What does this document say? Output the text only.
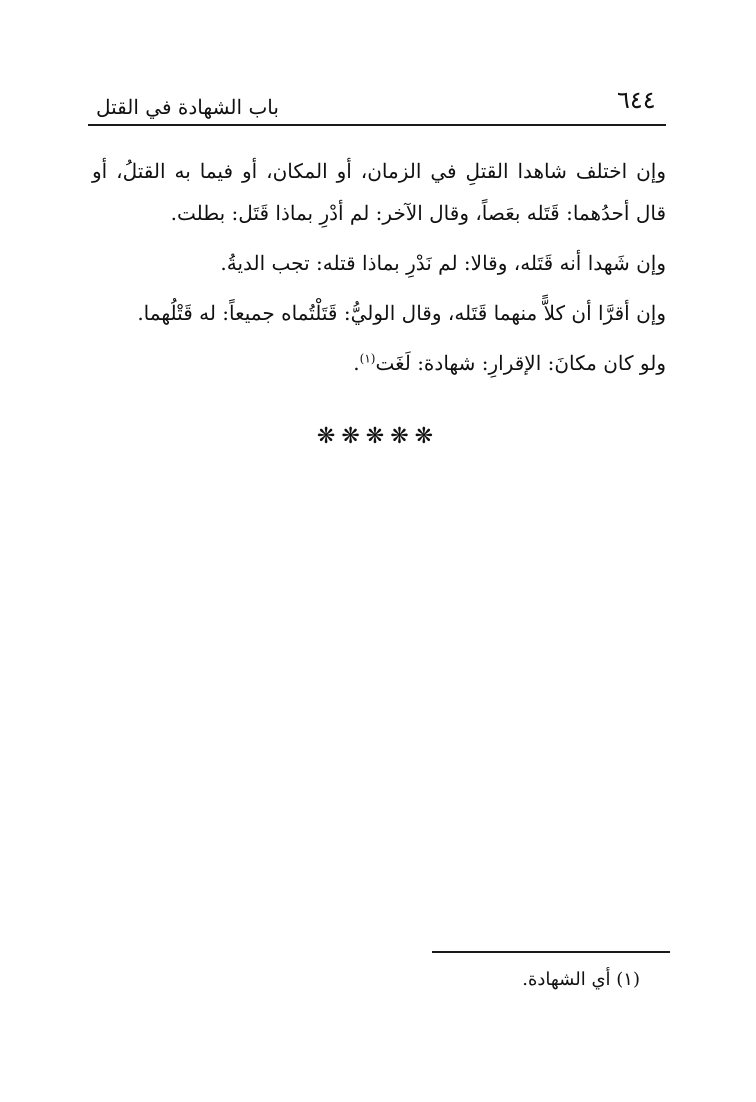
٦٤٤
باب الشهادة في القتل

وإن اختلف شاهدا القتلِ في الزمان، أو المكان، أو فيما به القتلُ، أو قال أحدُهما: قَتَله بعَصاً، وقال الآخر: لم أدْرِ بماذا قَتَل: بطلت.

وإن شَهدا أنه قَتَله، وقالا: لم نَدْرِ بماذا قتله: تجب الديةُ.

وإن أقرَّا أن كلاًّ منهما قَتَله، وقال الوليُّ: قَتَلْتُماه جميعاً: له قَتْلُهما.

ولو كان مكانَ: الإقرارِ: شهادة: لَغَت$^{(١)}$.

❋❋❋❋❋
(١) أي الشهادة.
